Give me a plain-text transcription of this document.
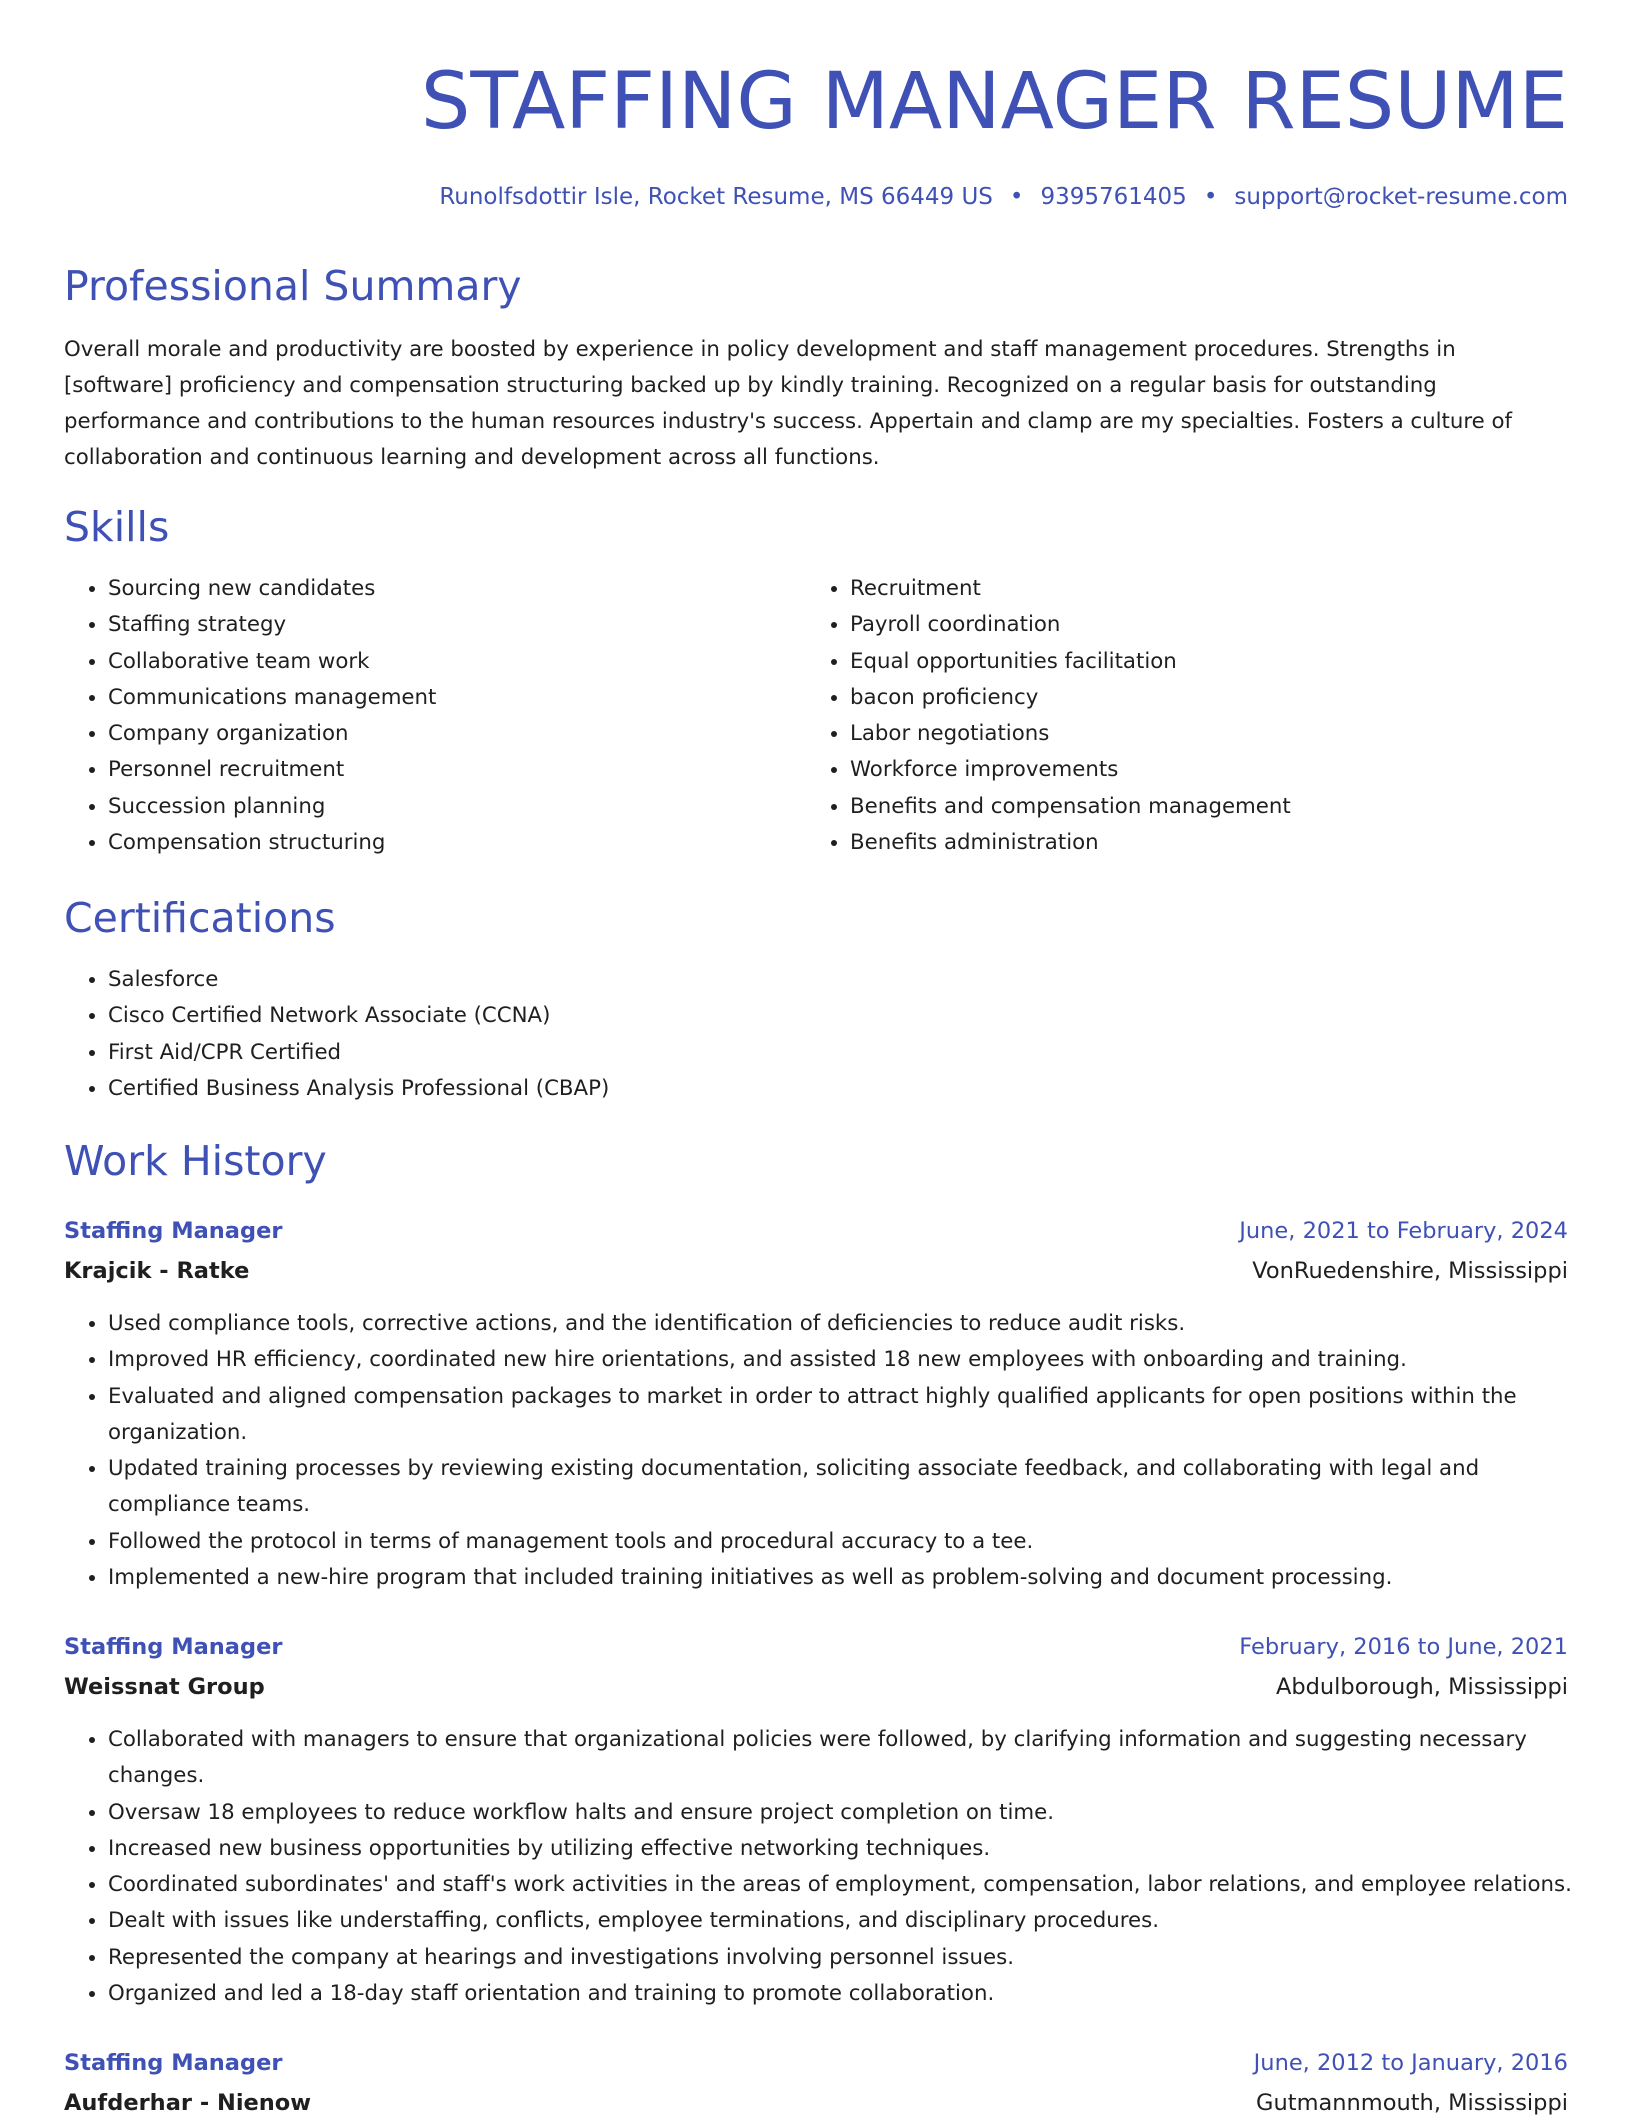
STAFFING MANAGER RESUME
Runolfsdottir Isle, Rocket Resume, MS 66449 US • 9395761405 • support@rocket-resume.com
Professional Summary

Overall morale and productivity are boosted by experience in policy development and staff management procedures. Strengths in [software] proficiency and compensation structuring backed up by kindly training. Recognized on a regular basis for outstanding performance and contributions to the human resources industry's success. Appertain and clamp are my specialties. Fosters a culture of collaboration and continuous learning and development across all functions.

Skills
• Sourcing new candidates
• Staffing strategy
• Collaborative team work
• Communications management
• Company organization
• Personnel recruitment
• Succession planning
• Compensation structuring
• Recruitment
• Payroll coordination
• Equal opportunities facilitation
• bacon proficiency
• Labor negotiations
• Workforce improvements
• Benefits and compensation management
• Benefits administration
Certifications
• Salesforce
• Cisco Certified Network Associate (CCNA)
• First Aid/CPR Certified
• Certified Business Analysis Professional (CBAP)
Work History
Staffing Manager	June, 2021 to February, 2024
Krajcik - Ratke	VonRuedenshire, Mississippi
• Used compliance tools, corrective actions, and the identification of deficiencies to reduce audit risks.
• Improved HR efficiency, coordinated new hire orientations, and assisted 18 new employees with onboarding and training.
• Evaluated and aligned compensation packages to market in order to attract highly qualified applicants for open positions within the organization.
• Updated training processes by reviewing existing documentation, soliciting associate feedback, and collaborating with legal and compliance teams.
• Followed the protocol in terms of management tools and procedural accuracy to a tee.
• Implemented a new-hire program that included training initiatives as well as problem-solving and document processing.
Staffing Manager	February, 2016 to June, 2021
Weissnat Group	Abdulborough, Mississippi
• Collaborated with managers to ensure that organizational policies were followed, by clarifying information and suggesting necessary changes.
• Oversaw 18 employees to reduce workflow halts and ensure project completion on time.
• Increased new business opportunities by utilizing effective networking techniques.
• Coordinated subordinates' and staff's work activities in the areas of employment, compensation, labor relations, and employee relations.
• Dealt with issues like understaffing, conflicts, employee terminations, and disciplinary procedures.
• Represented the company at hearings and investigations involving personnel issues.
• Organized and led a 18-day staff orientation and training to promote collaboration.
Staffing Manager	June, 2012 to January, 2016
Aufderhar - Nienow	Gutmannmouth, Mississippi
